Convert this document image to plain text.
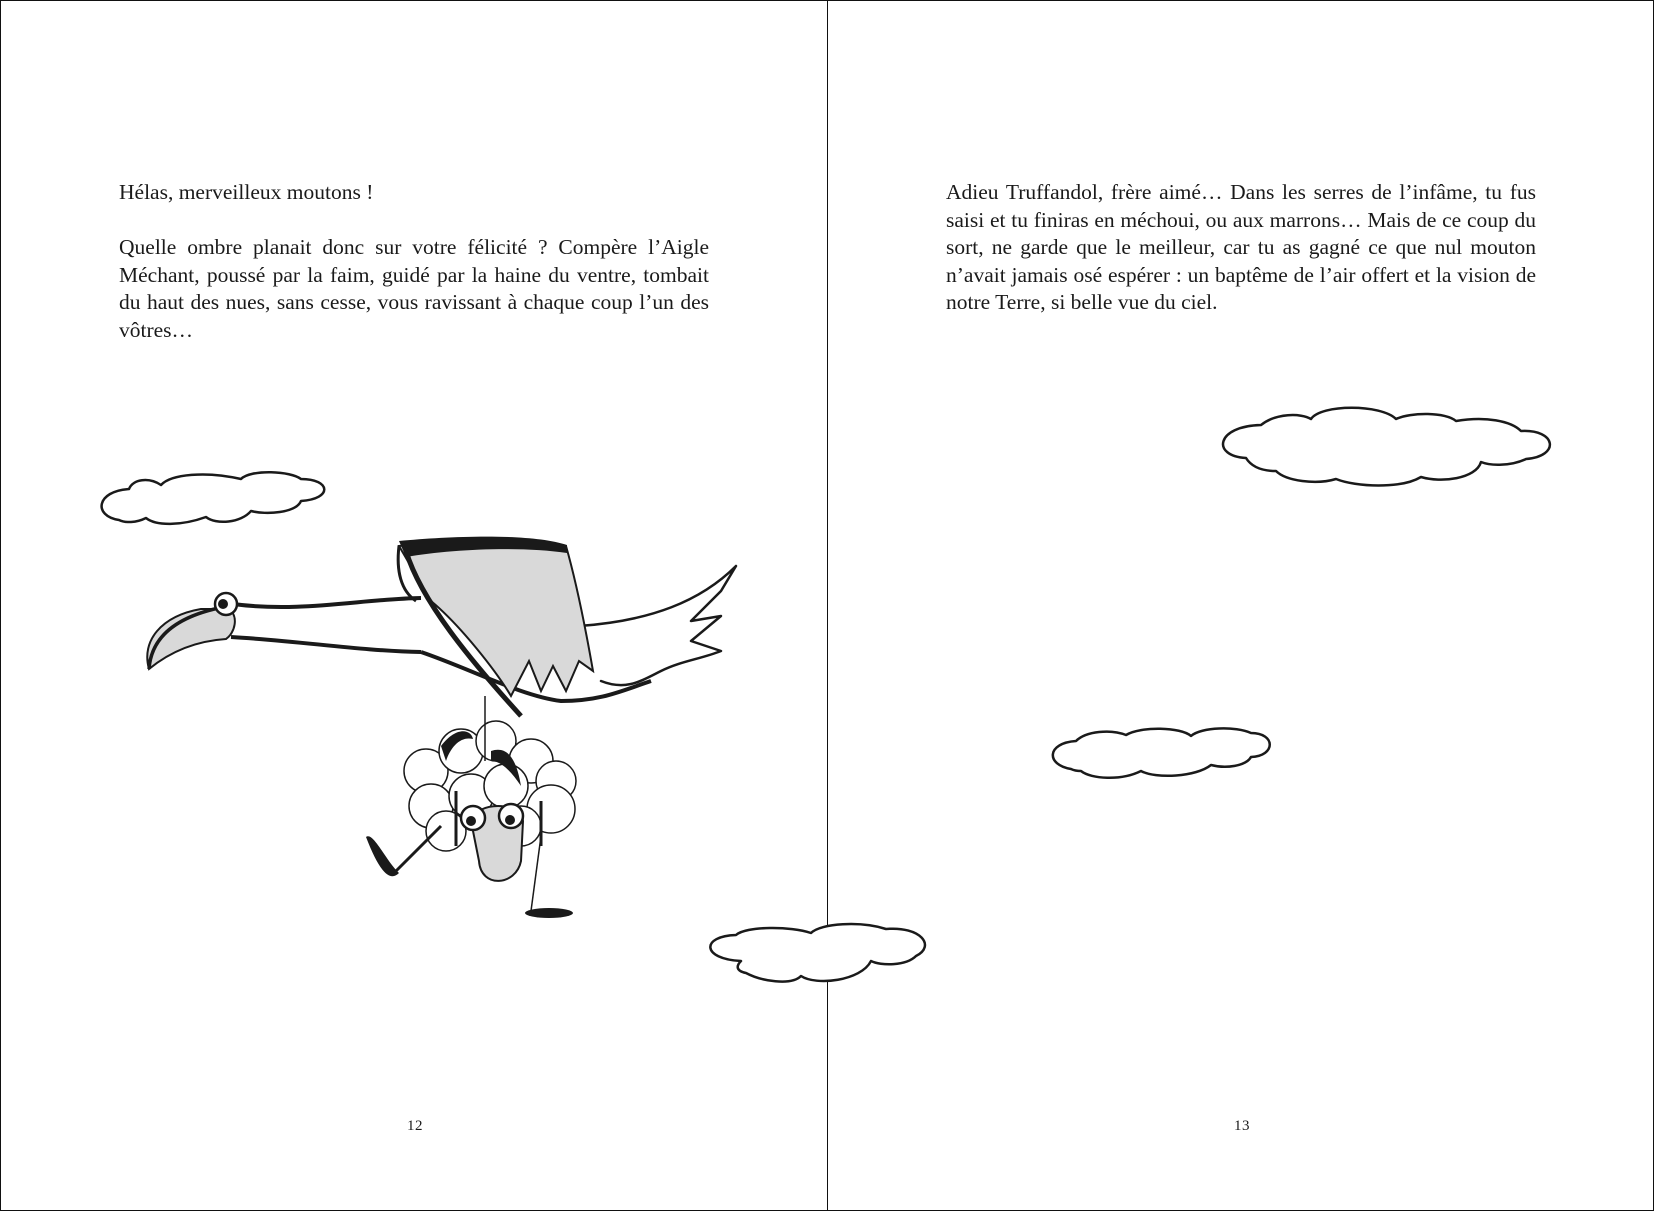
Hélas, merveilleux moutons !

Quelle ombre planait donc sur votre félicité ? Compère l’Aigle Méchant, poussé par la faim, guidé par la haine du ventre, tombait du haut des nues, sans cesse, vous ravissant à chaque coup l’un des vôtres…

12

Adieu Truffandol, frère aimé… Dans les serres de l’infâme, tu fus saisi et tu finiras en méchoui, ou aux marrons… Mais de ce coup du sort, ne garde que le meilleur, car tu as gagné ce que nul mouton n’avait jamais osé espérer : un baptême de l’air offert et la vision de notre Terre, si belle vue du ciel.

13
